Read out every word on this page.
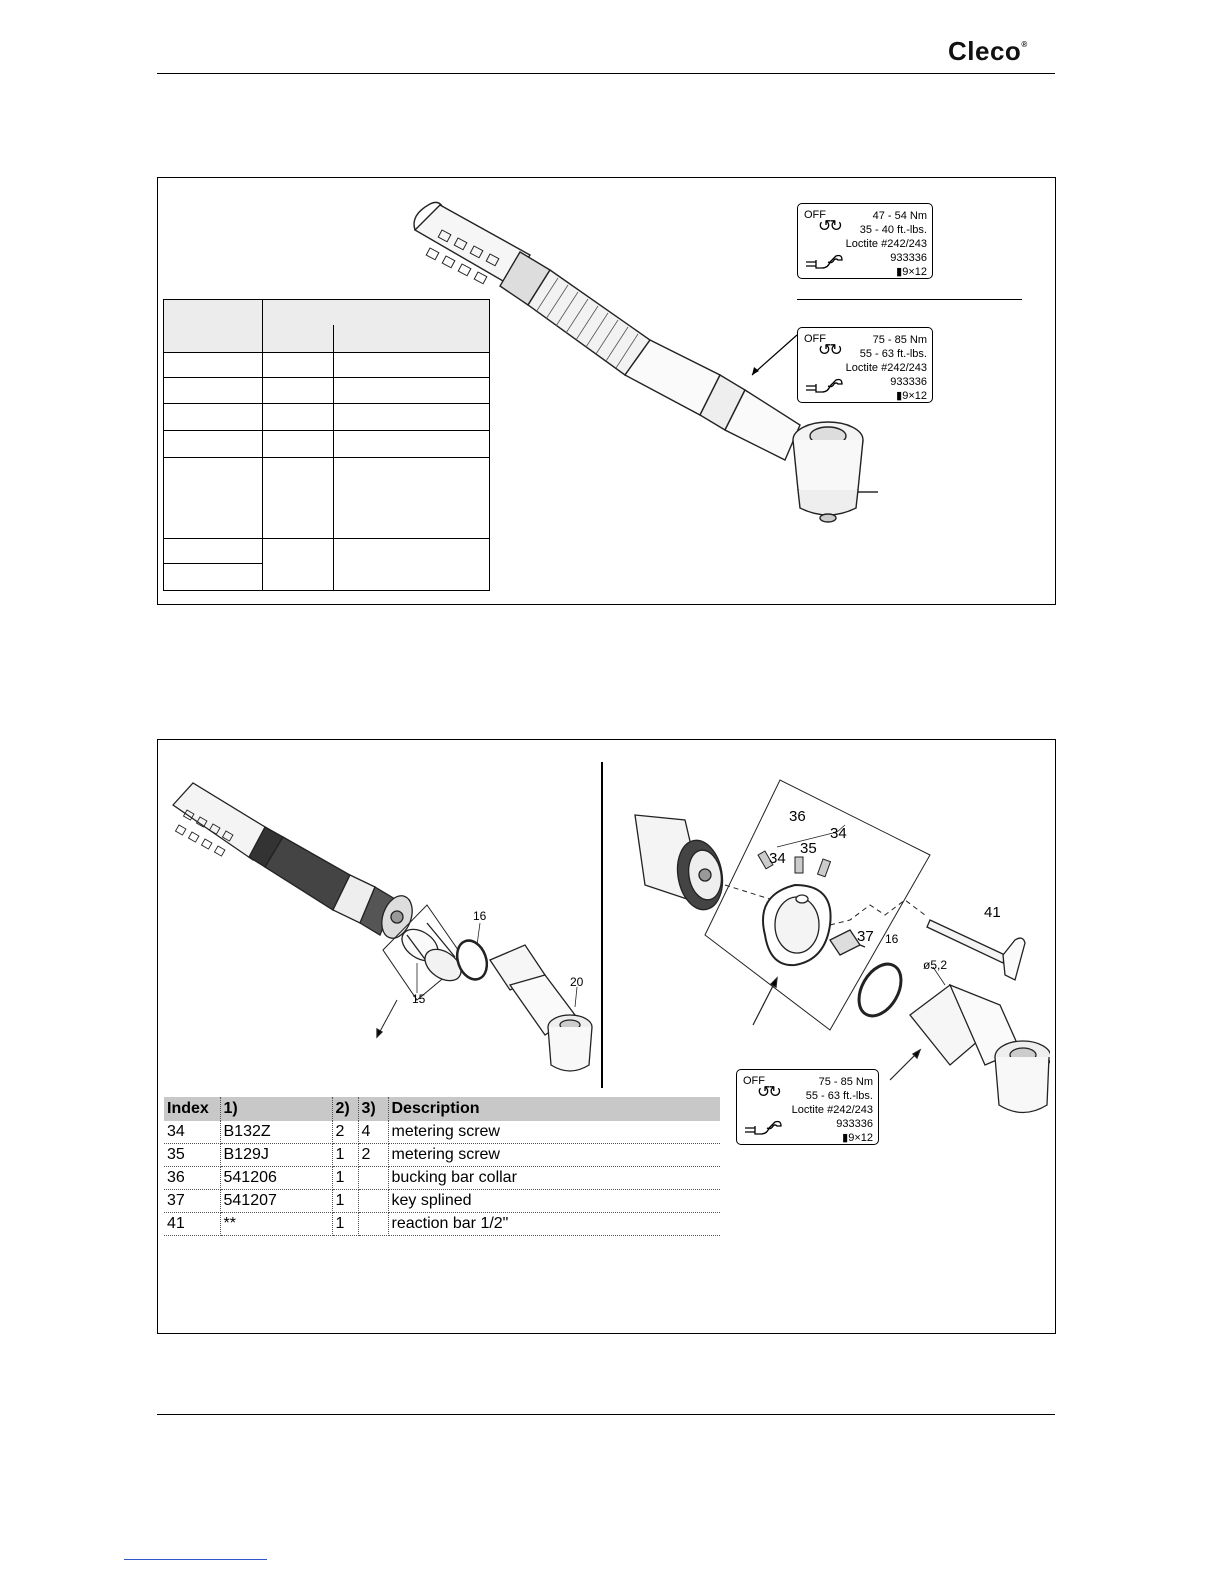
Cleco®
OFF
↺↻
47 - 54 Nm
35 - 40 ft.-lbs.
Loctite #242/243
933336
▮9×12
OFF
↺↻
75 - 85 Nm
55 - 63 ft.-lbs.
Loctite #242/243
933336
▮9×12
15
16
20
36
34
34
35
37 16
41
ø5,2
OFF
↺↻
75 - 85 Nm
55 - 63 ft.-lbs.
Loctite #242/243
933336
▮9×12
Index	1)	2)	3)	Description
34	B132Z	2	4	metering screw
35	B129J	1	2	metering screw
36	541206	1		bucking bar collar
37	541207	1		key splined
41	**	1		reaction bar 1/2"
